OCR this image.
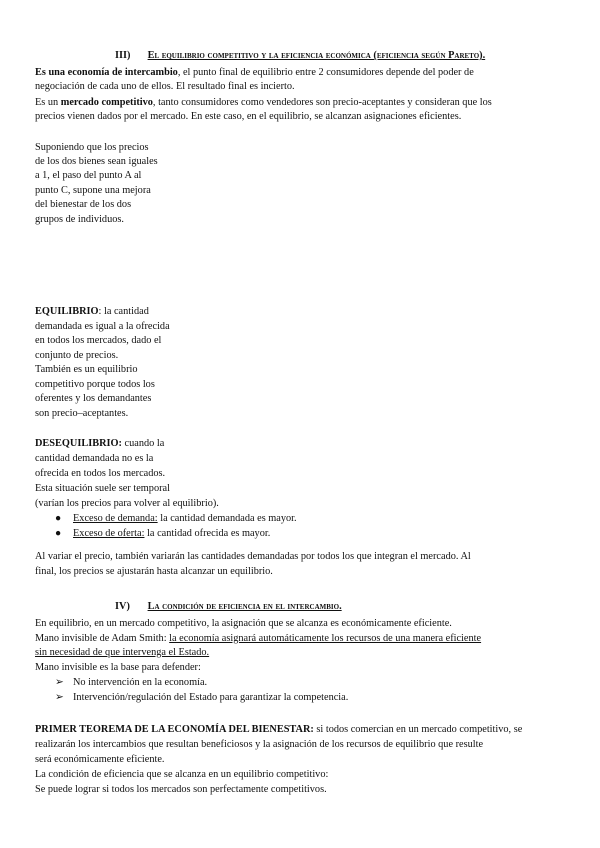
III) El equilibrio competitivo y la eficiencia económica (eficiencia según Pareto).
Es una economía de intercambio, el punto final de equilibrio entre 2 consumidores depende del poder de
negociación de cada uno de ellos. El resultado final es incierto.
Es un mercado competitivo, tanto consumidores como vendedores son precio-aceptantes y consideran que los
precios vienen dados por el mercado. En este caso, en el equilibrio, se alcanzan asignaciones eficientes.
Suponiendo que los precios
de los dos bienes sean iguales
a 1, el paso del punto A al
punto C, supone una mejora
del bienestar de los dos
grupos de individuos.
EQUILIBRIO: la cantidad
demandada es igual a la ofrecida
en todos los mercados, dado el
conjunto de precios.
También es un equilibrio
competitivo porque todos los
oferentes y los demandantes
son precio–aceptantes.
DESEQUILIBRIO: cuando la
cantidad demandada no es la
ofrecida en todos los mercados.
Esta situación suele ser temporal
(varían los precios para volver al equilibrio).
● Exceso de demanda: la cantidad demandada es mayor.
● Exceso de oferta: la cantidad ofrecida es mayor.
Al variar el precio, también variarán las cantidades demandadas por todos los que integran el mercado. Al
final, los precios se ajustarán hasta alcanzar un equilibrio.
IV) La condición de eficiencia en el intercambio.
En equilibrio, en un mercado competitivo, la asignación que se alcanza es económicamente eficiente.
Mano invisible de Adam Smith: la economía asignará automáticamente los recursos de una manera eficiente
sin necesidad de que intervenga el Estado.
Mano invisible es la base para defender:
➢ No intervención en la economía.
➢ Intervención/regulación del Estado para garantizar la competencia.
PRIMER TEOREMA DE LA ECONOMÍA DEL BIENESTAR: si todos comercian en un mercado competitivo, se
realizarán los intercambios que resultan beneficiosos y la asignación de los recursos de equilibrio que resulte
será económicamente eficiente.
La condición de eficiencia que se alcanza en un equilibrio competitivo:
Se puede lograr si todos los mercados son perfectamente competitivos.
